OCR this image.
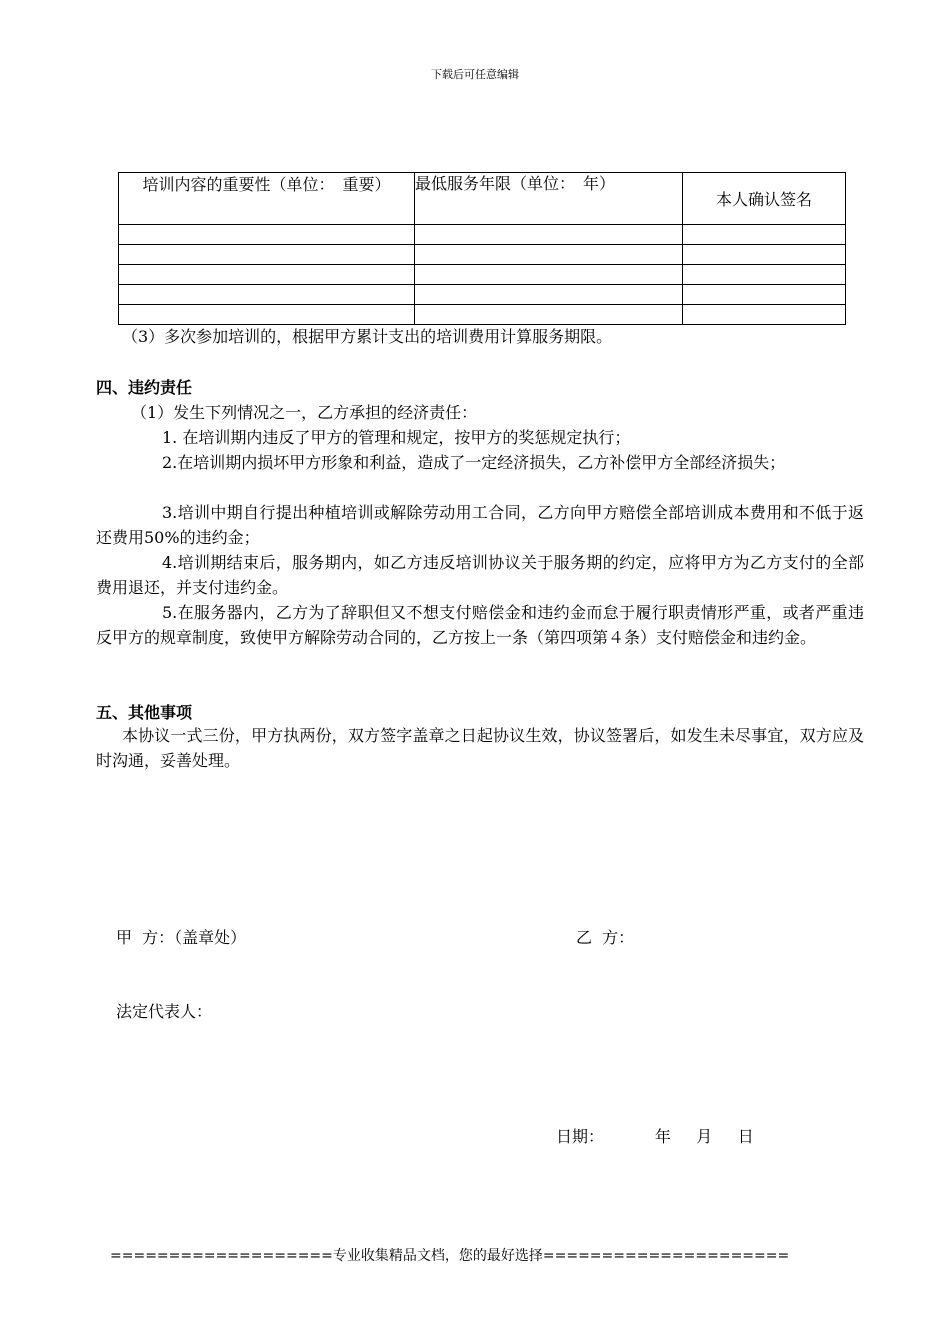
下载后可任意编辑
培训内容的重要性（单位：　重要）	最低服务年限（单位：　年）	本人确认签名

（3）多次参加培训的，根据甲方累计支出的培训费用计算服务期限。
四、违约责任
（1）发生下列情况之一，乙方承担的经济责任：
1. 在培训期内违反了甲方的管理和规定，按甲方的奖惩规定执行；
2.在培训期内损坏甲方形象和利益，造成了一定经济损失，乙方补偿甲方全部经济损失；
3.培训中期自行提出种植培训或解除劳动用工合同，乙方向甲方赔偿全部培训成本费用和不低于返还费用50%的违约金；
4.培训期结束后，服务期内，如乙方违反培训协议关于服务期的约定，应将甲方为乙方支付的全部费用退还，并支付违约金。
5.在服务器内，乙方为了辞职但又不想支付赔偿金和违约金而怠于履行职责情形严重，或者严重违反甲方的规章制度，致使甲方解除劳动合同的，乙方按上一条（第四项第４条）支付赔偿金和违约金。
五、其他事项
本协议一式三份，甲方执两份，双方签字盖章之日起协议生效，协议签署后，如发生未尽事宜，双方应及时沟通，妥善处理。
甲  方：（盖章处）	乙  方：
法定代表人：
日期：          年     月     日
===================专业收集精品文档，您的最好选择=====================
